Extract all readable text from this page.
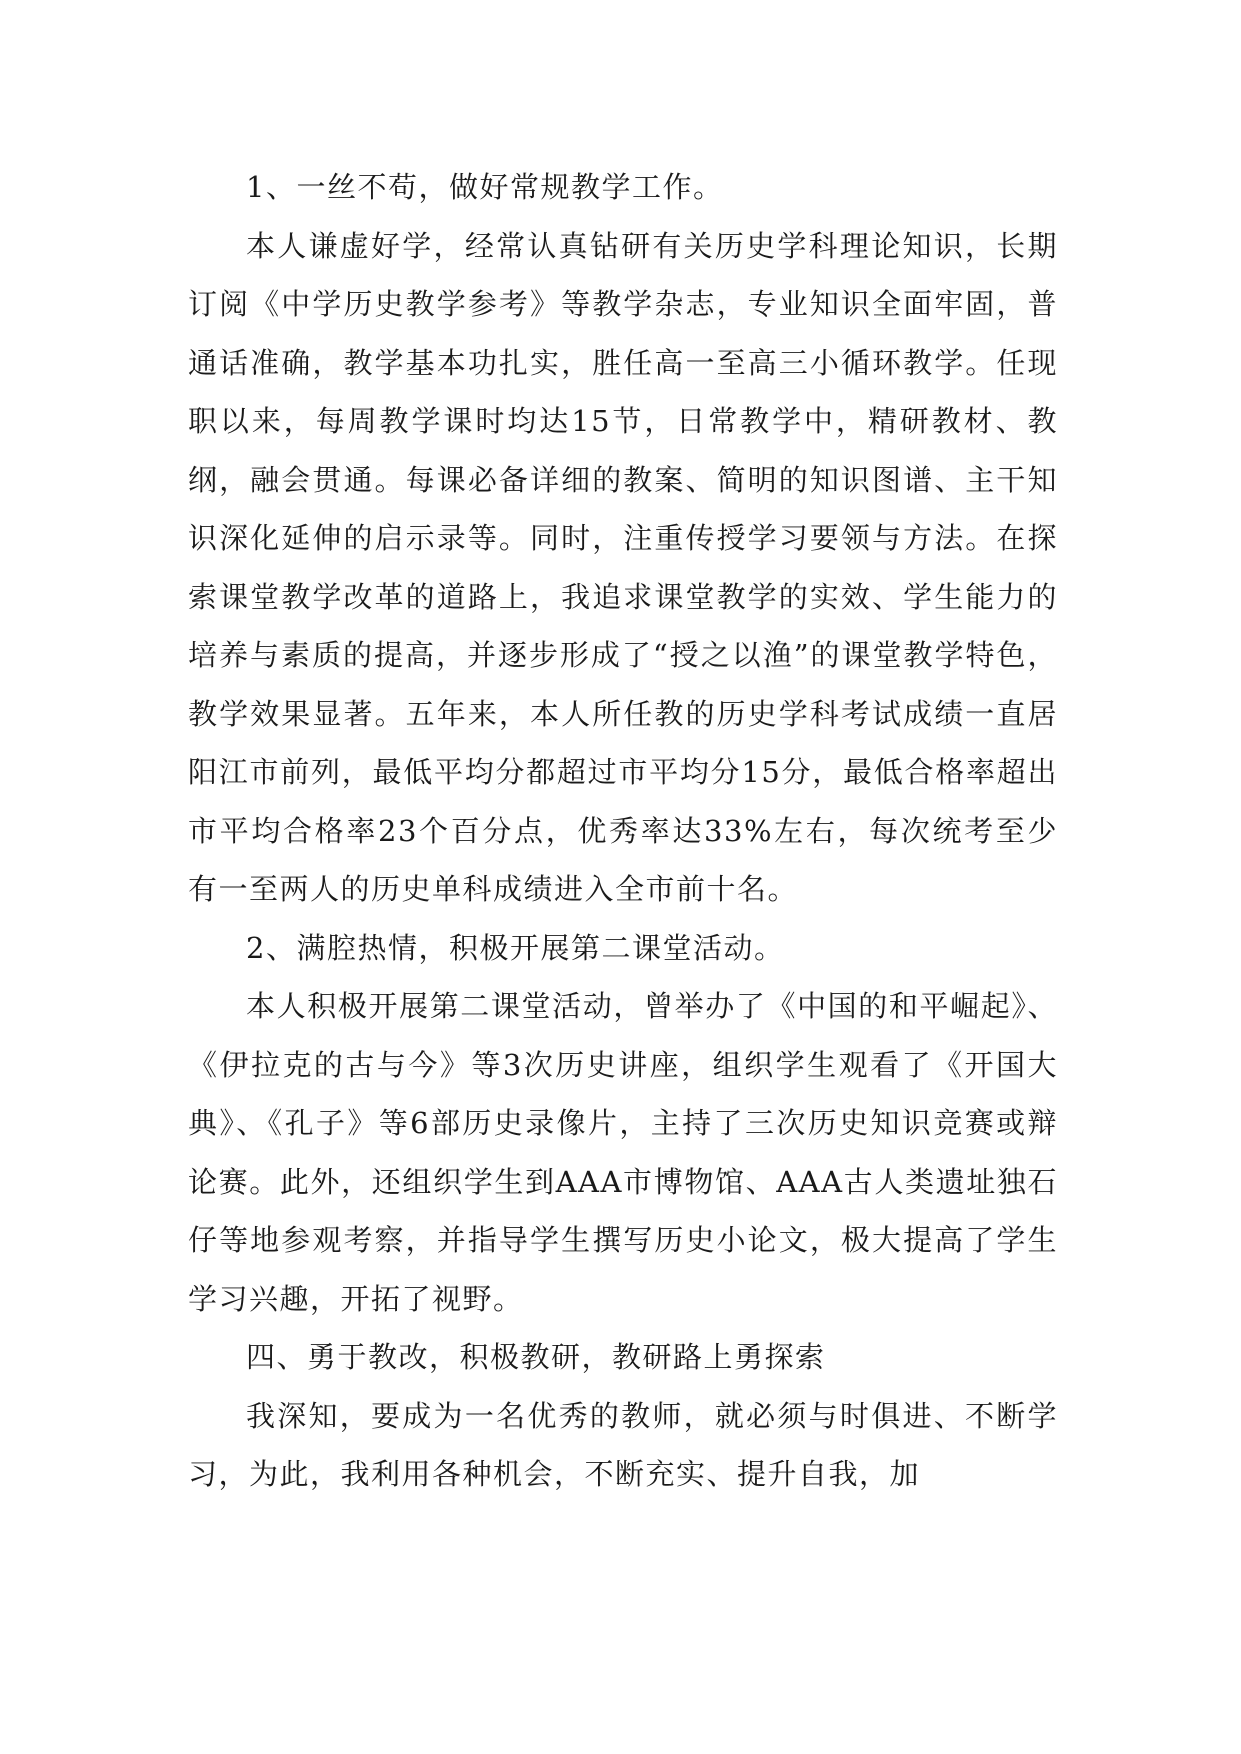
1、一丝不苟，做好常规教学工作。

本人谦虚好学，经常认真钻研有关历史学科理论知识，长期订阅《中学历史教学参考》等教学杂志，专业知识全面牢固，普通话准确，教学基本功扎实，胜任高一至高三小循环教学。任现职以来，每周教学课时均达15节，日常教学中，精研教材、教纲，融会贯通。每课必备详细的教案、简明的知识图谱、主干知识深化延伸的启示录等。同时，注重传授学习要领与方法。在探索课堂教学改革的道路上，我追求课堂教学的实效、学生能力的培养与素质的提高，并逐步形成了“授之以渔”的课堂教学特色，教学效果显著。五年来，本人所任教的历史学科考试成绩一直居阳江市前列，最低平均分都超过市平均分15分，最低合格率超出市平均合格率23个百分点，优秀率达33%左右，每次统考至少有一至两人的历史单科成绩进入全市前十名。

2、满腔热情，积极开展第二课堂活动。

本人积极开展第二课堂活动，曾举办了《中国的和平崛起》、《伊拉克的古与今》等3次历史讲座，组织学生观看了《开国大典》、《孔子》等6部历史录像片，主持了三次历史知识竞赛或辩论赛。此外，还组织学生到AAA市博物馆、AAA古人类遗址独石仔等地参观考察，并指导学生撰写历史小论文，极大提高了学生学习兴趣，开拓了视野。

四、勇于教改，积极教研，教研路上勇探索

我深知，要成为一名优秀的教师，就必须与时俱进、不断学习，为此，我利用各种机会，不断充实、提升自我，加
